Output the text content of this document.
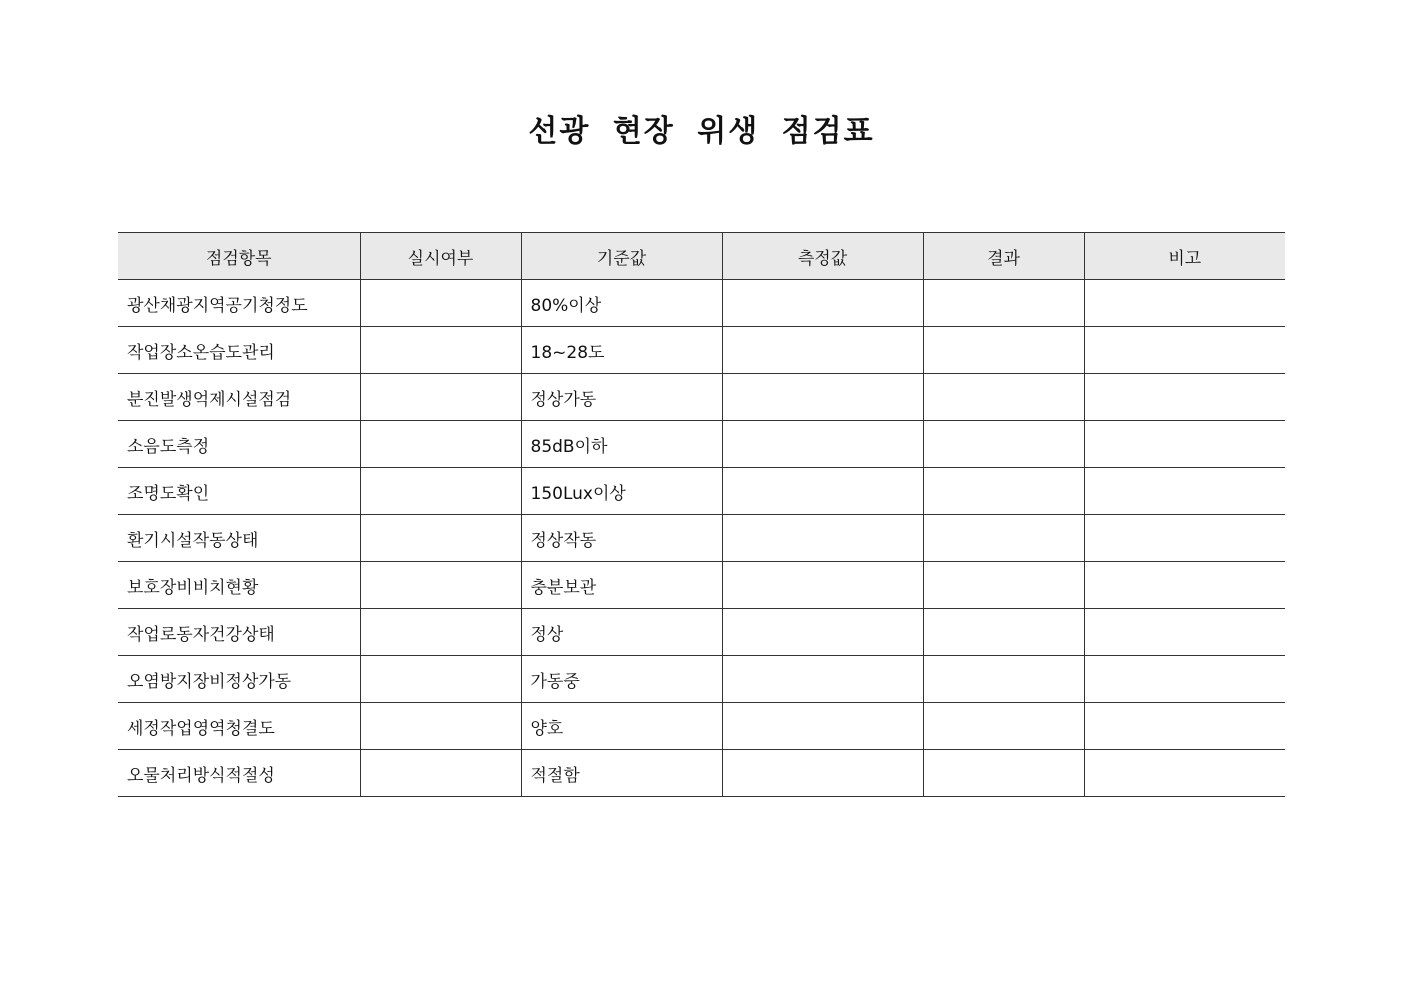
선광 현장 위생 점검표
점검항목	실시여부	기준값	측정값	결과	비고
광산채광지역공기청정도		80%이상			
작업장소온습도관리		18~28도			
분진발생억제시설점검		정상가동			
소음도측정		85dB이하			
조명도확인		150Lux이상			
환기시설작동상태		정상작동			
보호장비비치현황		충분보관			
작업로동자건강상태		정상			
오염방지장비정상가동		가동중			
세정작업영역청결도		양호			
오물처리방식적절성		적절함			
